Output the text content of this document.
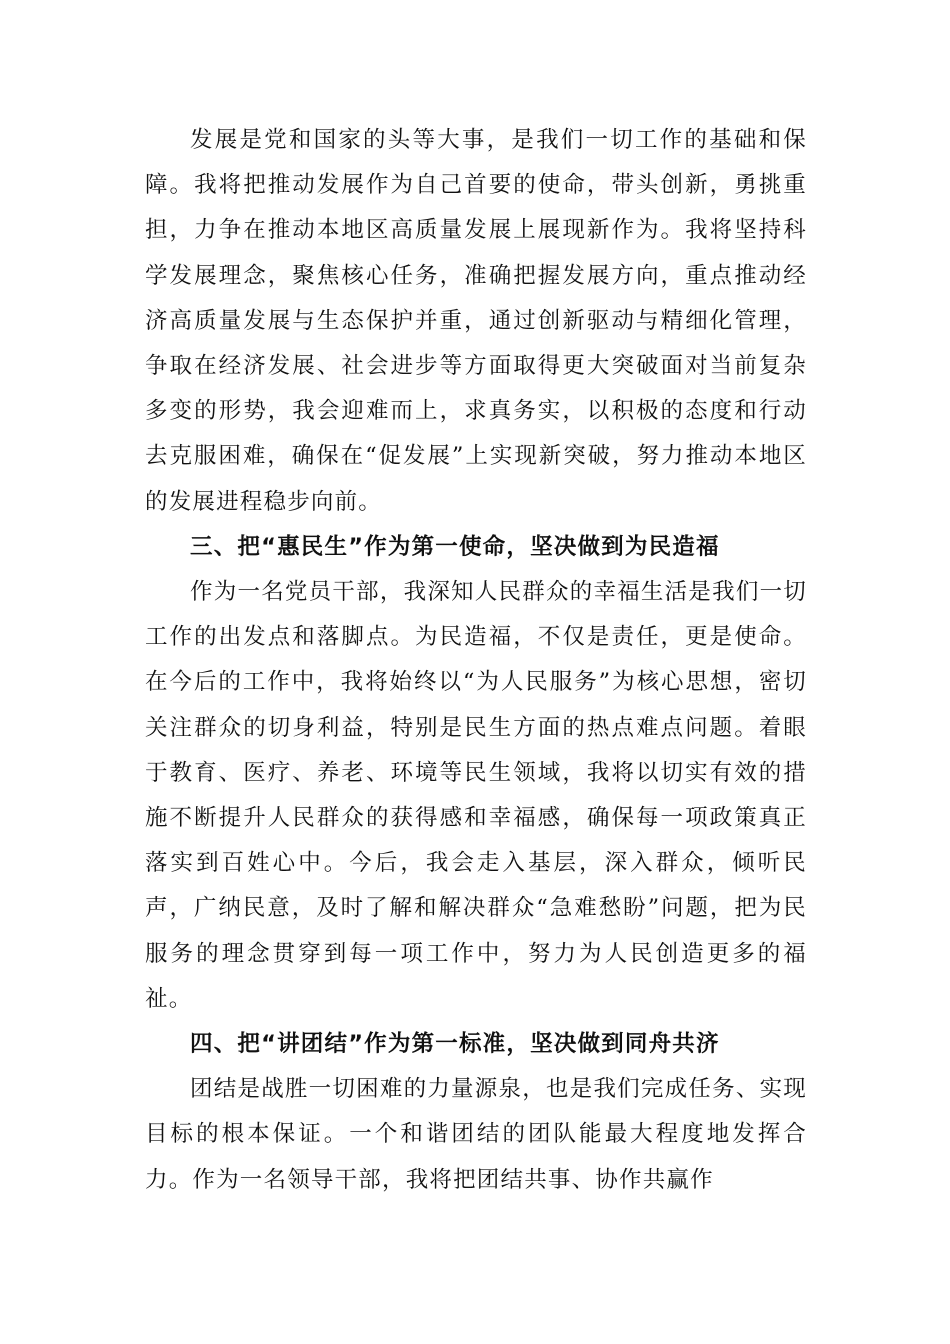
发展是党和国家的头等大事，是我们一切工作的基础和保障。我将把推动发展作为自己首要的使命，带头创新，勇挑重担，力争在推动本地区高质量发展上展现新作为。我将坚持科学发展理念，聚焦核心任务，准确把握发展方向，重点推动经济高质量发展与生态保护并重，通过创新驱动与精细化管理，争取在经济发展、社会进步等方面取得更大突破面对当前复杂多变的形势，我会迎难而上，求真务实，以积极的态度和行动去克服困难，确保在“促发展”上实现新突破，努力推动本地区的发展进程稳步向前。

三、把“惠民生”作为第一使命，坚决做到为民造福

作为一名党员干部，我深知人民群众的幸福生活是我们一切工作的出发点和落脚点。为民造福，不仅是责任，更是使命。在今后的工作中，我将始终以“为人民服务”为核心思想，密切关注群众的切身利益，特别是民生方面的热点难点问题。着眼于教育、医疗、养老、环境等民生领域，我将以切实有效的措施不断提升人民群众的获得感和幸福感，确保每一项政策真正落实到百姓心中。今后，我会走入基层，深入群众，倾听民声，广纳民意，及时了解和解决群众“急难愁盼”问题，把为民服务的理念贯穿到每一项工作中，努力为人民创造更多的福祉。

四、把“讲团结”作为第一标准，坚决做到同舟共济

团结是战胜一切困难的力量源泉，也是我们完成任务、实现目标的根本保证。一个和谐团结的团队能最大程度地发挥合力。作为一名领导干部，我将把团结共事、协作共赢作
